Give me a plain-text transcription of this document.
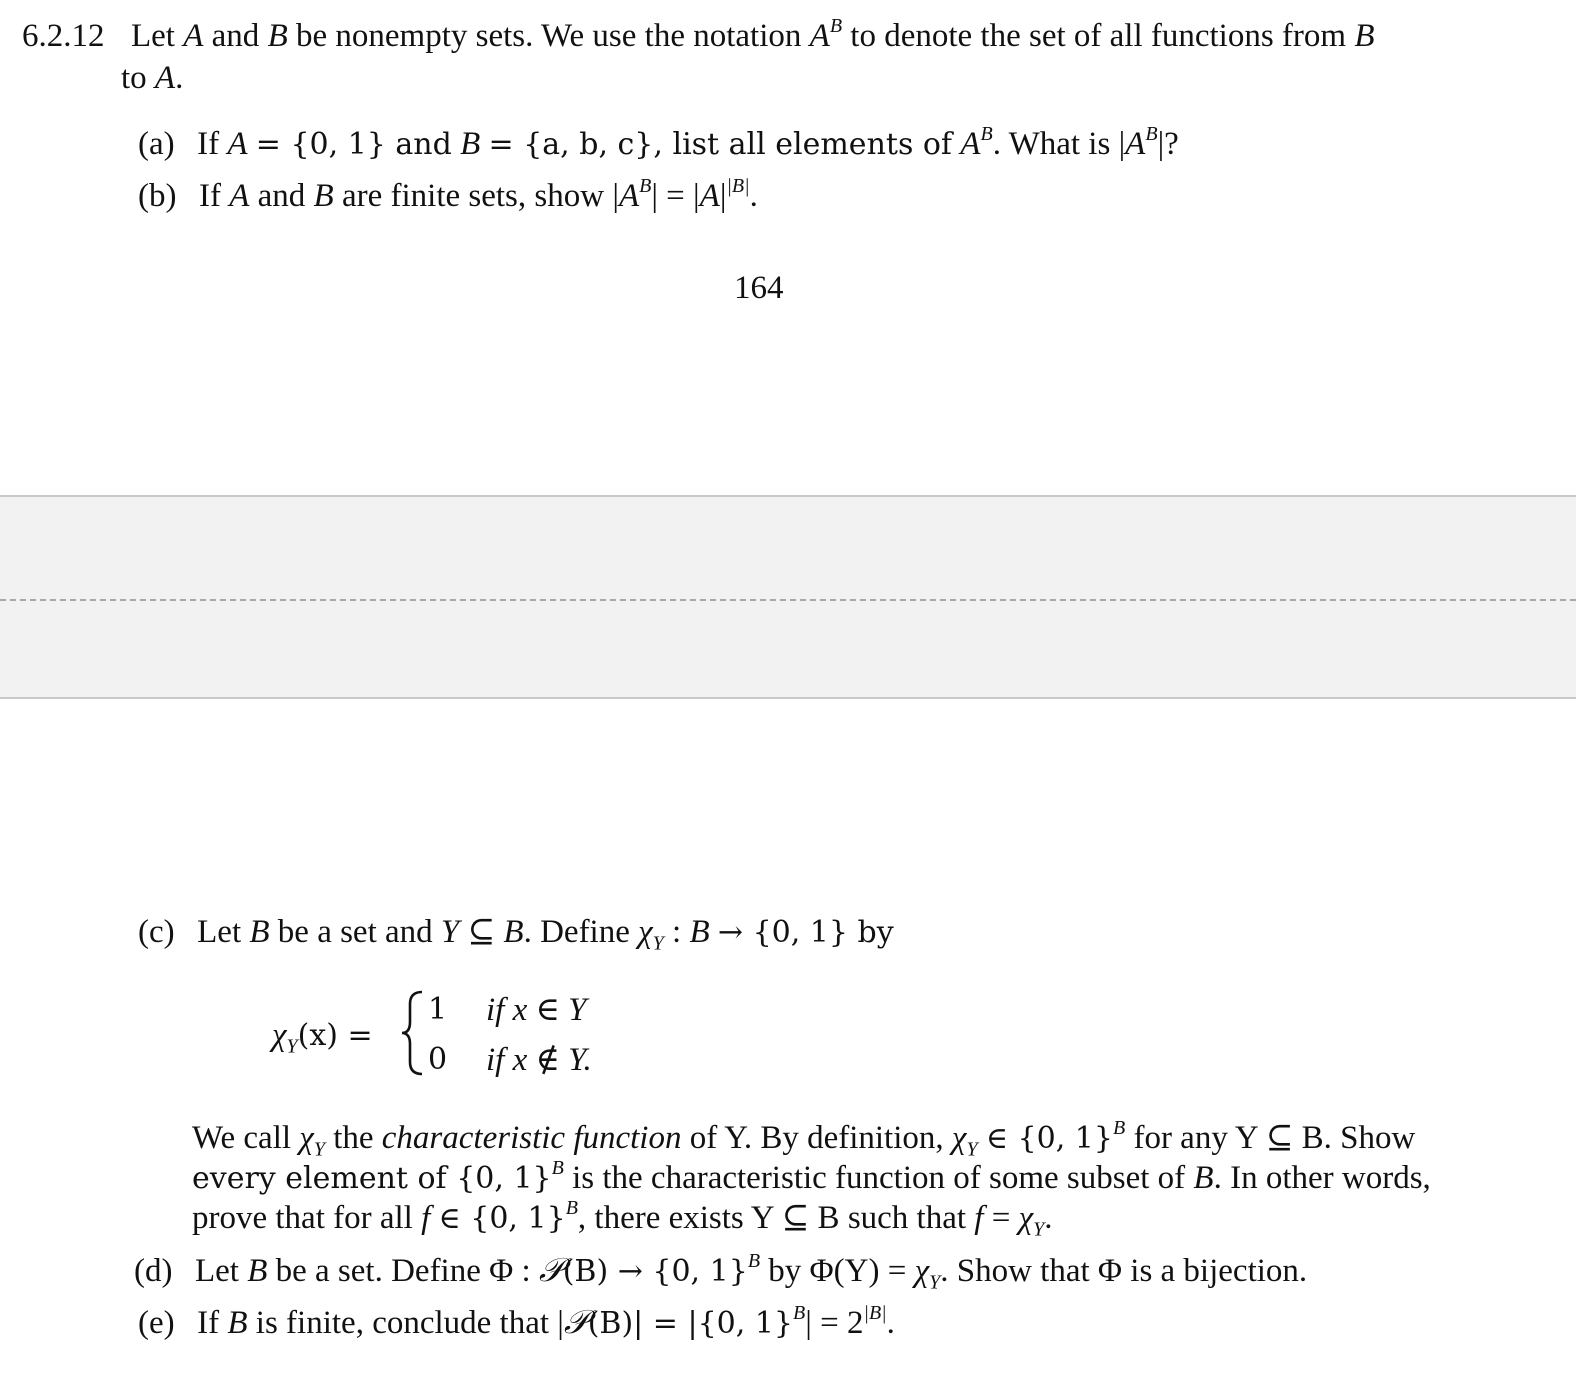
6.2.12 Let A and B be nonempty sets. We use the notation $A^B$ to denote the set of all functions from B
to A.
(a) If A = {0, 1} and B = {a, b, c}, list all elements of $A^B$. What is $|A^B|$?
(b) If A and B are finite sets, show $|A^B| = |A|^{|B|}$.
164
(c) Let B be a set and Y ⊆ B. Define $\chi_Y$ : B → {0, 1} by
$\chi_Y(x)$ =
1 if x ∈ Y
0 if x ∉ Y.
We call $\chi_Y$ the characteristic function of Y. By definition, $\chi_Y$ ∈ {0, 1}$^B$ for any Y ⊆ B. Show
every element of {0, 1}$^B$ is the characteristic function of some subset of B. In other words,
prove that for all f ∈ {0, 1}$^B$, there exists Y ⊆ B such that $f = \chi_Y$.
(d) Let B be a set. Define Φ : 𝒫(B) → {0, 1}$^B$ by $\Phi(Y) = \chi_Y$. Show that Φ is a bijection.
(e) If B is finite, conclude that |𝒫(B)| = |{0, $1\}^B| = 2^{|B|}$.
